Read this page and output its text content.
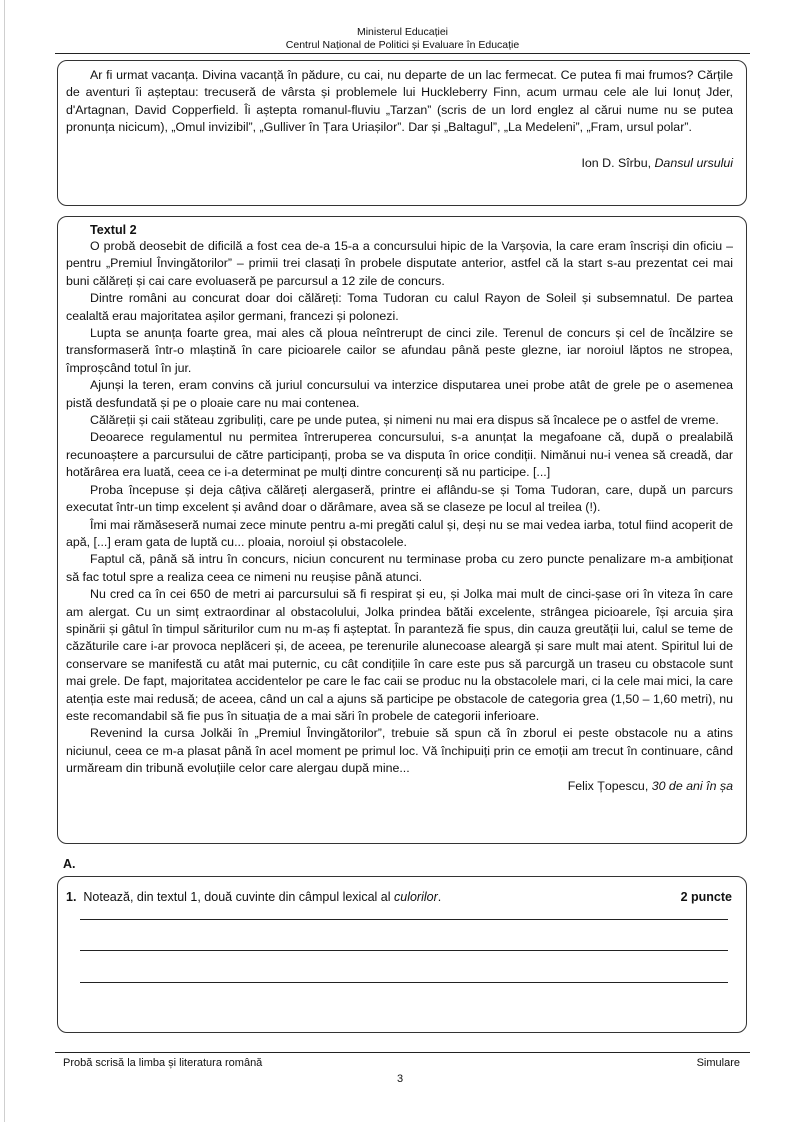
Ministerul Educației
Centrul Național de Politici și Evaluare în Educație

Ar fi urmat vacanța. Divina vacanță în pădure, cu cai, nu departe de un lac fermecat. Ce putea fi mai frumos? Cărțile de aventuri îi așteptau: trecuseră de vârsta și problemele lui Huckleberry Finn, acum urmau cele ale lui Ionuț Jder, d'Artagnan, David Copperfield. Îi aștepta romanul-fluviu „Tarzan” (scris de un lord englez al cărui nume nu se putea pronunța nicicum), „Omul invizibil”, „Gulliver în Țara Uriașilor”. Dar și „Baltagul”, „La Medeleni”, „Fram, ursul polar”.

Ion D. Sîrbu, Dansul ursului

Textul 2

O probă deosebit de dificilă a fost cea de-a 15-a a concursului hipic de la Varșovia, la care eram înscriși din oficiu – pentru „Premiul Învingătorilor” – primii trei clasați în probele disputate anterior, astfel că la start s-au prezentat cei mai buni călăreți și cai care evoluaseră pe parcursul a 12 zile de concurs.

Dintre români au concurat doar doi călăreți: Toma Tudoran cu calul Rayon de Soleil și subsemnatul. De partea cealaltă erau majoritatea așilor germani, francezi și polonezi.

Lupta se anunța foarte grea, mai ales că ploua neîntrerupt de cinci zile. Terenul de concurs și cel de încălzire se transformaseră într-o mlaștină în care picioarele cailor se afundau până peste glezne, iar noroiul lăptos ne stropea, împroșcând totul în jur.

Ajunși la teren, eram convins că juriul concursului va interzice disputarea unei probe atât de grele pe o asemenea pistă desfundată și pe o ploaie care nu mai contenea.

Călăreții și caii stăteau zgribuliți, care pe unde putea, și nimeni nu mai era dispus să încalece pe o astfel de vreme.

Deoarece regulamentul nu permitea întreruperea concursului, s-a anunțat la megafoane că, după o prealabilă recunoaștere a parcursului de către participanți, proba se va disputa în orice condiții. Nimănui nu-i venea să creadă, dar hotărârea era luată, ceea ce i-a determinat pe mulți dintre concurenți să nu participe. [...]

Proba începuse și deja câțiva călăreți alergaseră, printre ei aflându-se și Toma Tudoran, care, după un parcurs executat într-un timp excelent și având doar o dărâmare, avea să se claseze pe locul al treilea (!).

Îmi mai rămăseseră numai zece minute pentru a-mi pregăti calul și, deși nu se mai vedea iarba, totul fiind acoperit de apă, [...] eram gata de luptă cu... ploaia, noroiul și obstacolele.

Faptul că, până să intru în concurs, niciun concurent nu terminase proba cu zero puncte penalizare m-a ambiționat să fac totul spre a realiza ceea ce nimeni nu reușise până atunci.

Nu cred ca în cei 650 de metri ai parcursului să fi respirat și eu, și Jolka mai mult de cinci-șase ori în viteza în care am alergat. Cu un simț extraordinar al obstacolului, Jolka prindea bătăi excelente, strângea picioarele, își arcuia șira spinării și gâtul în timpul săriturilor cum nu m-aș fi așteptat. În paranteză fie spus, din cauza greutății lui, calul se teme de căzăturile care i-ar provoca neplăceri și, de aceea, pe terenurile alunecoase aleargă și sare mult mai atent. Spiritul lui de conservare se manifestă cu atât mai puternic, cu cât condițiile în care este pus să parcurgă un traseu cu obstacole sunt mai grele. De fapt, majoritatea accidentelor pe care le fac caii se produc nu la obstacolele mari, ci la cele mai mici, la care atenția este mai redusă; de aceea, când un cal a ajuns să participe pe obstacole de categoria grea (1,50 – 1,60 metri), nu este recomandabil să fie pus în situația de a mai sări în probele de categorii inferioare.

Revenind la cursa Jolkăi în „Premiul Învingătorilor”, trebuie să spun că în zborul ei peste obstacole nu a atins niciunul, ceea ce m-a plasat până în acel moment pe primul loc. Vă închipuiți prin ce emoții am trecut în continuare, când urmăream din tribună evoluțiile celor care alergau după mine...

Felix Țopescu, 30 de ani în șa

A.
1. Notează, din textul 1, două cuvinte din câmpul lexical al culorilor.	2 puncte
Probă scrisă la limba și literatura română	Simulare
3
